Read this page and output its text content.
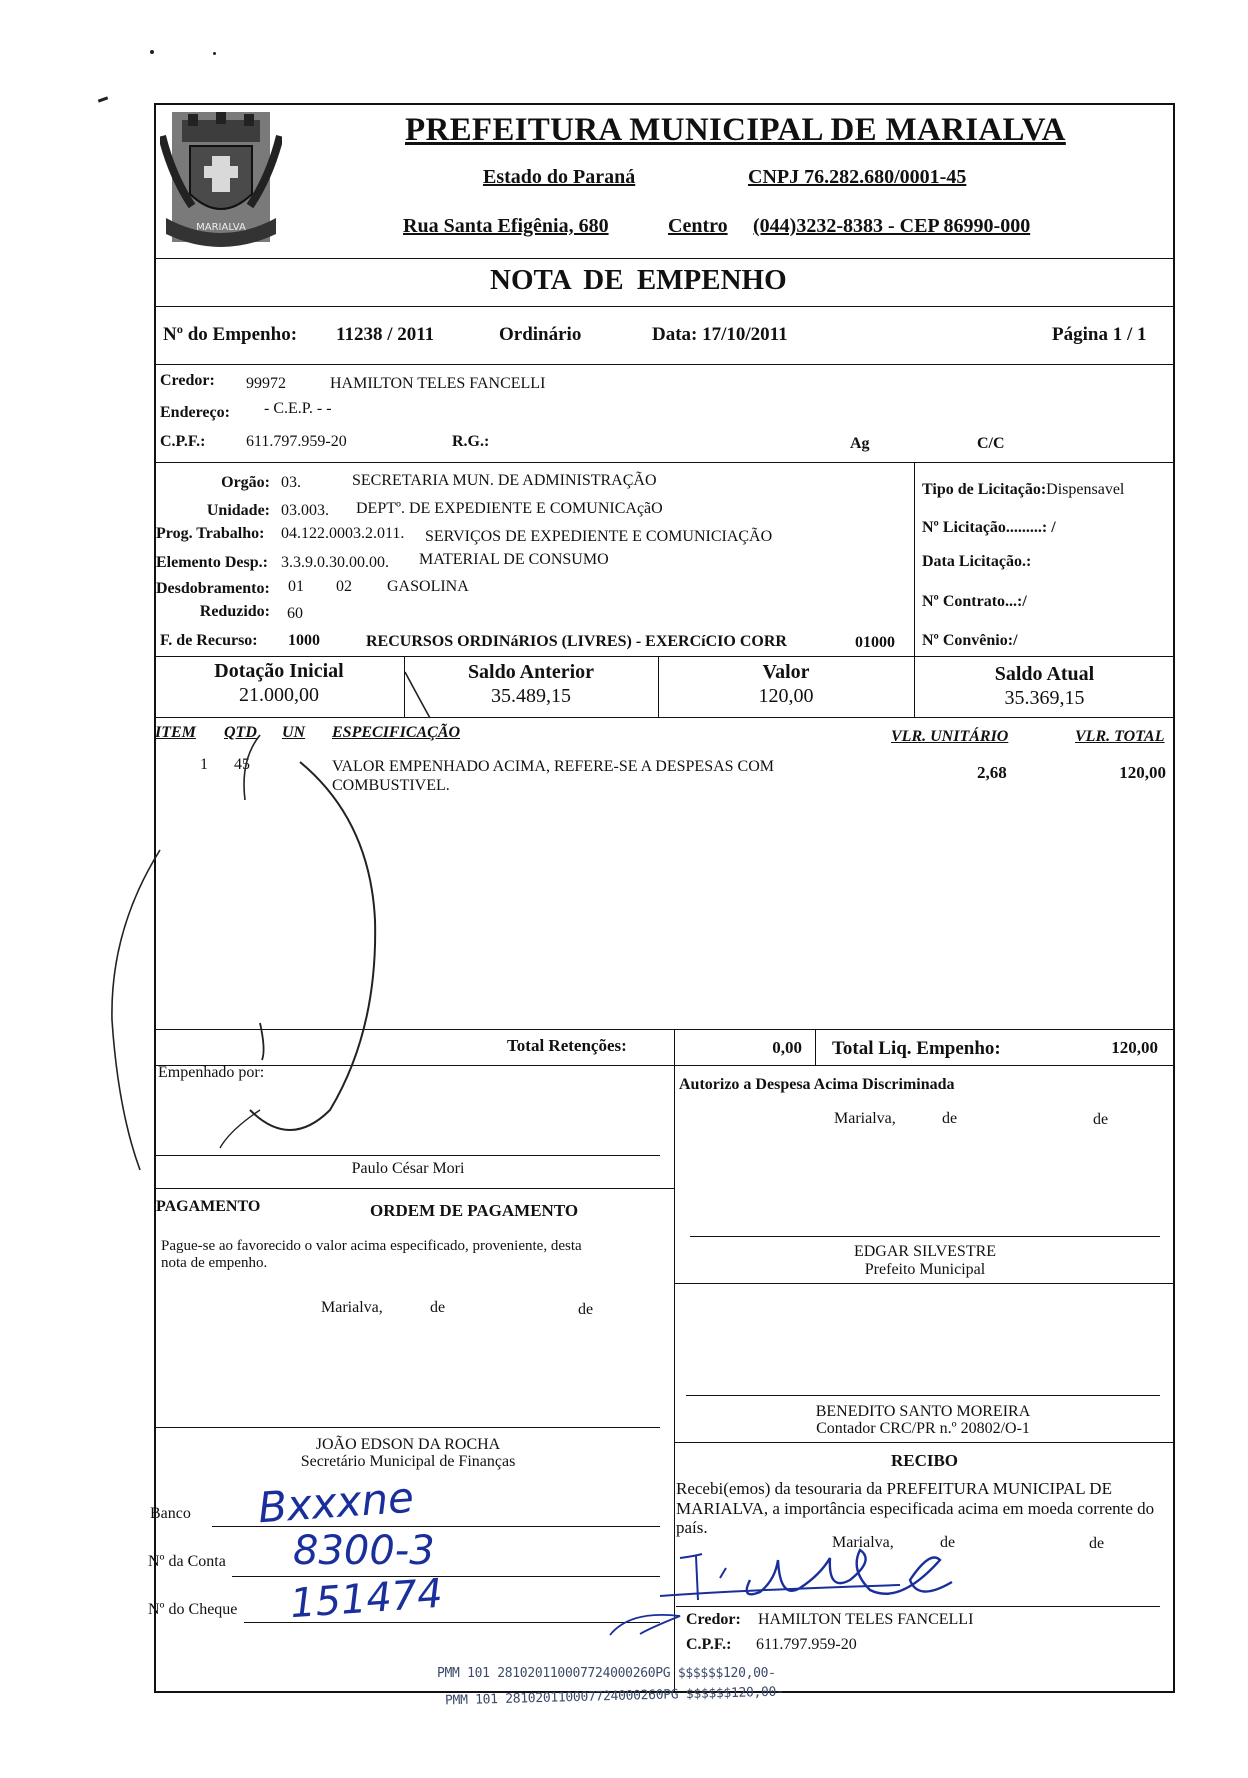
MARIALVA
PREFEITURA MUNICIPAL DE MARIALVA
Estado do Paraná	CNPJ 76.282.680/0001-45
Rua Santa Efigênia, 680	Centro (044)3232-8383 - CEP 86990-000
NOTA DE EMPENHO
Nº do Empenho: 11238 / 2011	Ordinário	Data: 17/10/2011	Página 1 / 1
Credor: 99972	HAMILTON TELES FANCELLI
Endereço: - C.E.P. - -
C.P.F.:	611.797.959-20	R.G.:	Ag	C/C
Orgão: 03.	SECRETARIA MUN. DE ADMINISTRAÇÃO
Unidade: 03.003. DEPTº. DE EXPEDIENTE E COMUNICAçãO
Prog. Trabalho: 04.122.0003.2.011. SERVIÇOS DE EXPEDIENTE E COMUNICIAÇÃO
Elemento Desp.: 3.3.9.0.30.00.00. MATERIAL DE CONSUMO
Desdobramento: 01 02 GASOLINA
Reduzido: 60
F. de Recurso: 1000	RECURSOS ORDINáRIOS (LIVRES) - EXERCíCIO CORR	01000
Tipo de Licitação:Dispensavel
Nº Licitação.........: /
Data Licitação.:
Nº Contrato...:/
Nº Convênio:/
Dotação Inicial
21.000,00
Saldo Anterior
35.489,15
Valor
120,00
Saldo Atual
35.369,15
ITEM QTD UN ESPECIFICAÇÃO	VLR. UNITÁRIO	VLR. TOTAL
1 45	VALOR EMPENHADO ACIMA, REFERE-SE A DESPESAS COM
COMBUSTIVEL.
2,68	120,00
Total Retenções:	0,00 Total Liq. Empenho:	120,00
Empenhado por:
Paulo César Mori
Autorizo a Despesa Acima Discriminada
Marialva,	de	de
PAGAMENTO	ORDEM DE PAGAMENTO
Pague-se ao favorecido o valor acima especificado, proveniente, desta
nota de empenho.
Marialva,	de	de
EDGAR SILVESTRE
Prefeito Municipal
BENEDITO SANTO MOREIRA
Contador CRC/PR n.º 20802/O-1
JOÃO EDSON DA ROCHA
Secretário Municipal de Finanças	RECIBO
Recebi(emos) da tesouraria da PREFEITURA MUNICIPAL DE
MARIALVA, a importância especificada acima em moeda corrente do
país.
Marialva,	de	de
Credor: HAMILTON TELES FANCELLI
C.P.F.: 611.797.959-20
Banco Bxxxne
Nº da Conta 8300-3
Nº do Cheque 151474
PMM 101 281020110007724000260PG $$$$$$120,00-
PMM 101 281020110007724000260PG $$$$$$120,00-
